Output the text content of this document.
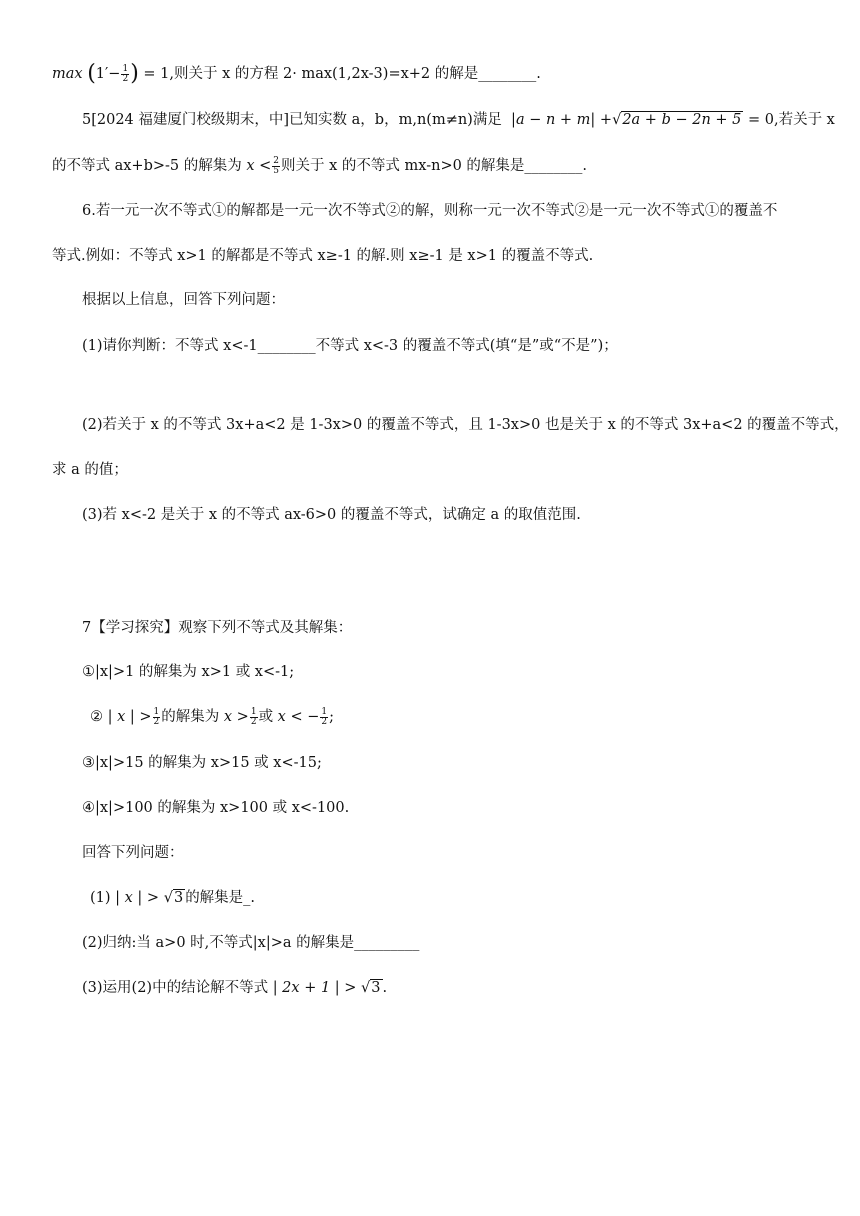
$\max (1'- \frac{1}{2}$ ) = 1,则关于 x 的方程 2· max(1,2x-3)=x+2 的解是________.
5[2024 福建厦门校级期末，中]已知实数 a，b，m,n(m≠n)满足  |a − n + m| +√2a + b − 2n + 5 = 0,若关于 x
的不等式 ax+b>-5 的解集为 $x < \frac{2}{5}$ 则关于 x 的不等式 mx-n>0 的解集是________.
6.若一元一次不等式①的解都是一元一次不等式②的解，则称一元一次不等式②是一元一次不等式①的覆盖不
等式.例如：不等式 x>1 的解都是不等式 x≥-1 的解.则 x≥-1 是 x>1 的覆盖不等式.
根据以上信息，回答下列问题：
(1)请你判断：不等式 x<-1________不等式 x<-3 的覆盖不等式(填“是”或“不是”)；
(2)若关于 x 的不等式 3x+a<2 是 1-3x>0 的覆盖不等式，且 1-3x>0 也是关于 x 的不等式 3x+a<2 的覆盖不等式，
求 a 的值；
(3)若 x<-2 是关于 x 的不等式 ax-6>0 的覆盖不等式，试确定 a 的取值范围.
7【学习探究】观察下列不等式及其解集：
①|x|>1 的解集为 x>1 或 x<-1;
② | x | > $\frac{1}{2}$ 的解集为 $x > \frac{1}{2}$ 或 x < − $\frac{1}{2}$ ;
③|x|>15 的解集为 x>15 或 x<-15;
④|x|>100 的解集为 x>100 或 x<-100.
回答下列问题：
(1) | x | > √3 的解集是_.
(2)归纳:当 a>0 时,不等式|x|>a 的解集是_________
(3)运用(2)中的结论解不等式 | 2x + 1 | > √3 .
